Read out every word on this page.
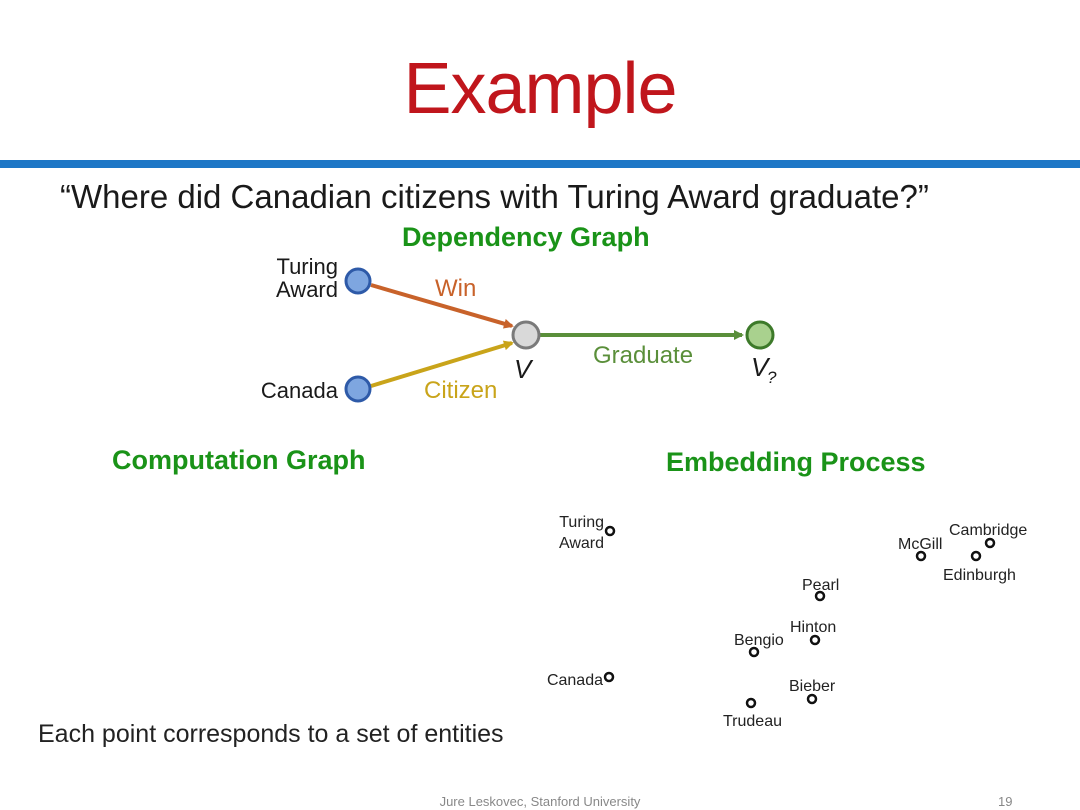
Example
“Where did Canadian citizens with Turing Award graduate?”
Dependency Graph
Computation Graph	Embedding Process
Turing
Award
Canada
V	V
?
Win
Citizen
Graduate
Turing
Award
Canada
McGill
Cambridge
Edinburgh
Pearl
Hinton
Bengio
Bieber
Trudeau
Each point corresponds to a set of entities
Jure Leskovec, Stanford University	19
